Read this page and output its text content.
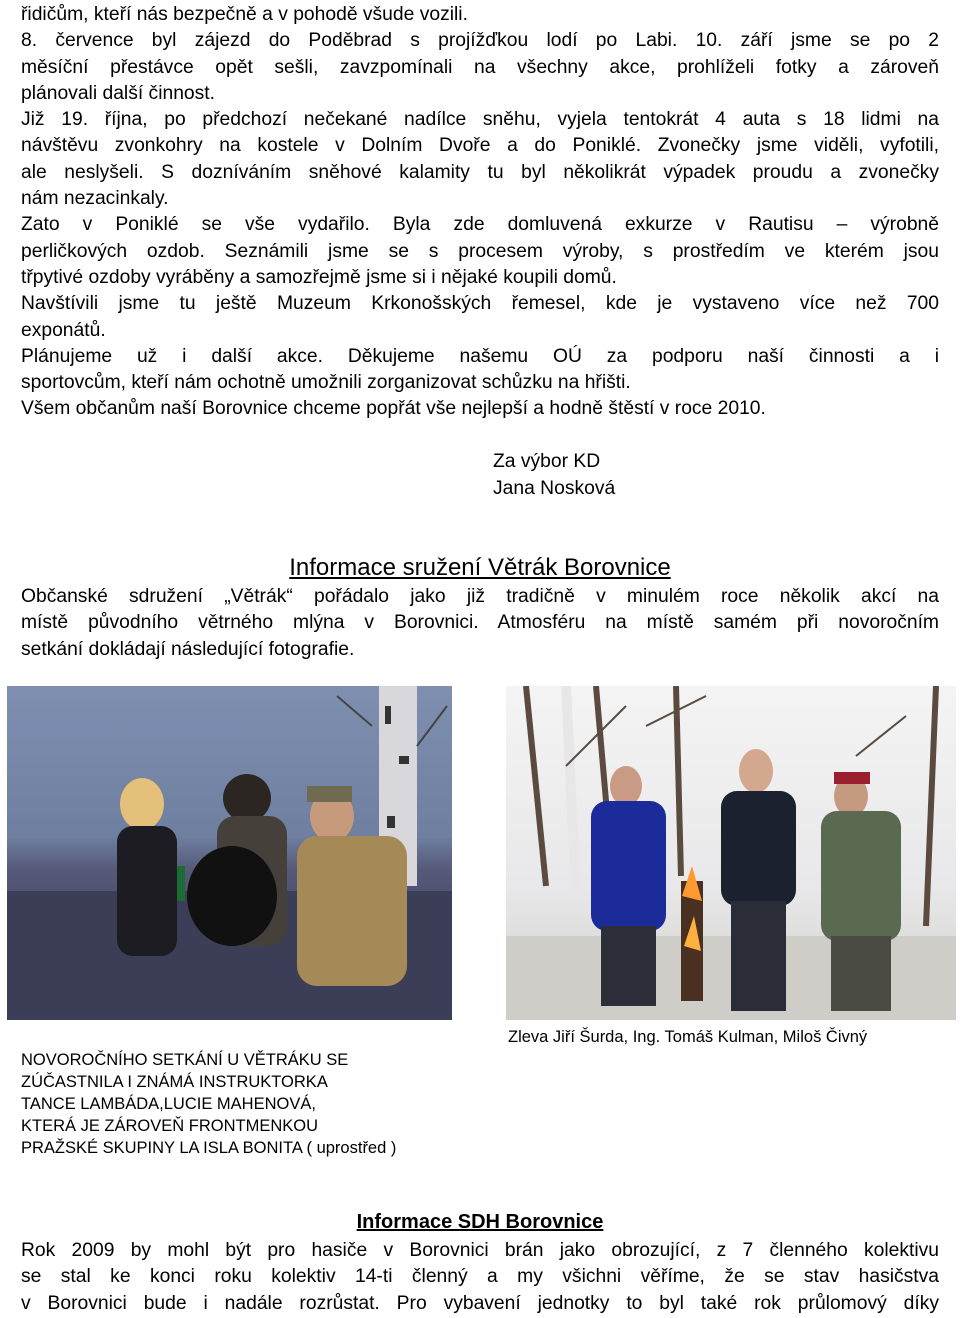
řidičům, kteří nás bezpečně a v pohodě všude vozili.

8. července byl zájezd do Poděbrad s projížďkou lodí po Labi. 10. září jsme se po 2

měsíční přestávce opět sešli, zavzpomínali na všechny akce, prohlíželi fotky a zároveň

plánovali další činnost.

Již 19. října, po předchozí nečekané nadílce sněhu, vyjela tentokrát 4 auta s 18 lidmi na

návštěvu zvonkohry na kostele v Dolním Dvoře a do Poniklé. Zvonečky jsme viděli, vyfotili,

ale neslyšeli. S dozníváním sněhové kalamity tu byl několikrát výpadek proudu a zvonečky

nám nezacinkaly.

Zato v Poniklé se vše vydařilo. Byla zde domluvená exkurze v Rautisu – výrobně

perličkových ozdob. Seznámili jsme se s procesem výroby, s prostředím ve kterém jsou

třpytivé ozdoby vyráběny a samozřejmě jsme si i nějaké koupili domů.

Navštívili jsme tu ještě Muzeum Krkonošských řemesel, kde je vystaveno více než 700

exponátů.

Plánujeme už i další akce. Děkujeme našemu OÚ za podporu naší činnosti a i

sportovcům, kteří nám ochotně umožnili zorganizovat schůzku na hřišti.

Všem občanům naší Borovnice chceme popřát vše nejlepší a hodně štěstí v roce 2010.

Za výbor KD

Jana Nosková

Informace sružení Větrák Borovnice

Občanské sdružení „Větrák“ pořádalo jako již tradičně v minulém roce několik akcí na

místě původního větrného mlýna v Borovnici. Atmosféru na místě samém při novoročním

setkání dokládají následující fotografie.

NOVOROČNÍHO SETKÁNÍ U VĚTRÁKU SE

ZÚČASTNILA I ZNÁMÁ INSTRUKTORKA

TANCE LAMBÁDA,LUCIE MAHENOVÁ,

KTERÁ JE ZÁROVEŇ FRONTMENKOU

PRAŽSKÉ SKUPINY LA ISLA BONITA ( uprostřed )

Zleva Jiří Šurda, Ing. Tomáš Kulman, Miloš Čivný
Informace SDH Borovnice

Rok 2009 by mohl být pro hasiče v Borovnici brán jako obrozující, z 7 členného kolektivu

se stal ke konci roku kolektiv 14-ti členný a my všichni věříme, že se stav hasičstva

v Borovnici bude i nadále rozrůstat. Pro vybavení jednotky to byl také rok průlomový díky
